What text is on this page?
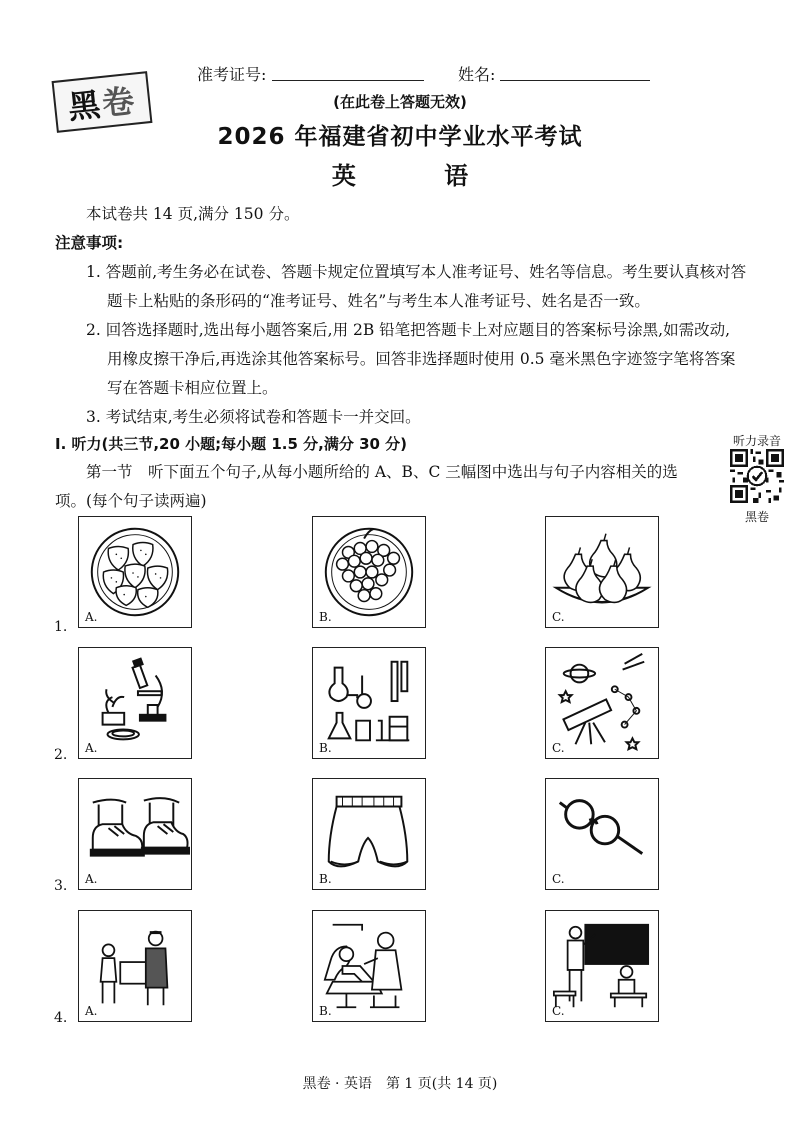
黑
卷
准考证号:	姓名:
(在此卷上答题无效)
2026 年福建省初中学业水平考试
英 语
本试卷共 14 页,满分 150 分。
注意事项:
1. 答题前,考生务必在试卷、答题卡规定位置填写本人准考证号、姓名等信息。考生要认真核对答
题卡上粘贴的条形码的“准考证号、姓名”与考生本人准考证号、姓名是否一致。
2. 回答选择题时,选出每小题答案后,用 2B 铅笔把答题卡上对应题目的答案标号涂黑,如需改动,
用橡皮擦干净后,再选涂其他答案标号。回答非选择题时使用 0.5 毫米黑色字迹签字笔将答案
写在答题卡相应位置上。
3. 考试结束,考生必须将试卷和答题卡一并交回。
Ⅰ. 听力(共三节,20 小题;每小题 1.5 分,满分 30 分)
第一节　听下面五个句子,从每小题所给的 A、B、C 三幅图中选出与句子内容相关的选
项。(每个句子读两遍)
听力录音
黑卷
1.
A.	B.	C.
2. A.	B.	C.
3. A.	B.	C.
4. A.	B.	C.
黑卷 · 英语　第 1 页(共 14 页)
